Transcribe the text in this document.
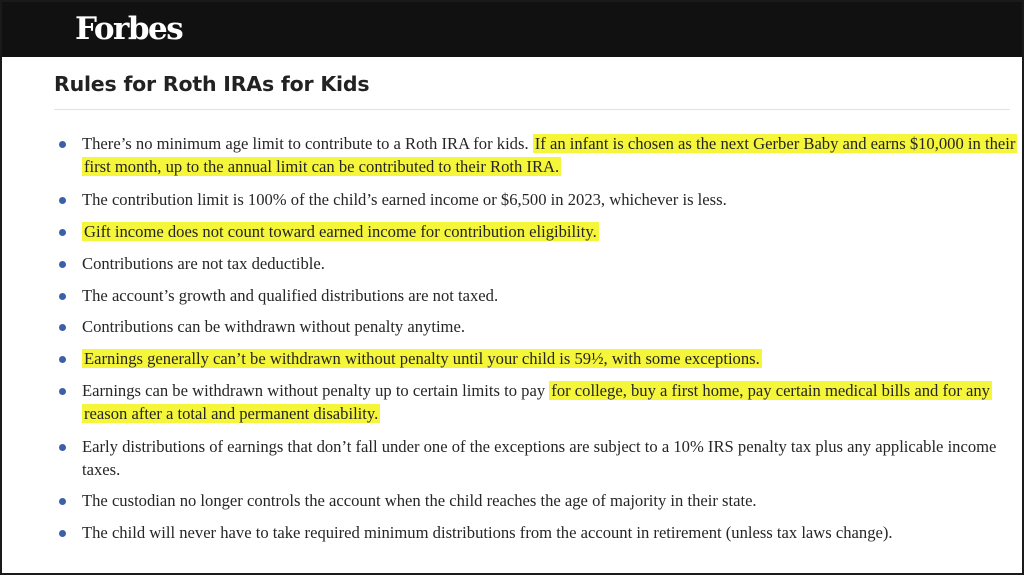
Forbes
Rules for Roth IRAs for Kids

There’s no minimum age limit to contribute to a Roth IRA for kids. If an infant is chosen as the next Gerber Baby and earns $10,000 in their first month, up to the annual limit can be contributed to their Roth IRA.

The contribution limit is 100% of the child’s earned income or $6,500 in 2023, whichever is less.

Gift income does not count toward earned income for contribution eligibility.

Contributions are not tax deductible.

The account’s growth and qualified distributions are not taxed.

Contributions can be withdrawn without penalty anytime.

Earnings generally can’t be withdrawn without penalty until your child is 59½, with some exceptions.

Earnings can be withdrawn without penalty up to certain limits to pay for college, buy a first home, pay certain medical bills and for any reason after a total and permanent disability.

Early distributions of earnings that don’t fall under one of the exceptions are subject to a 10% IRS penalty tax plus any applicable income taxes.

The custodian no longer controls the account when the child reaches the age of majority in their state.

The child will never have to take required minimum distributions from the account in retirement (unless tax laws change).
